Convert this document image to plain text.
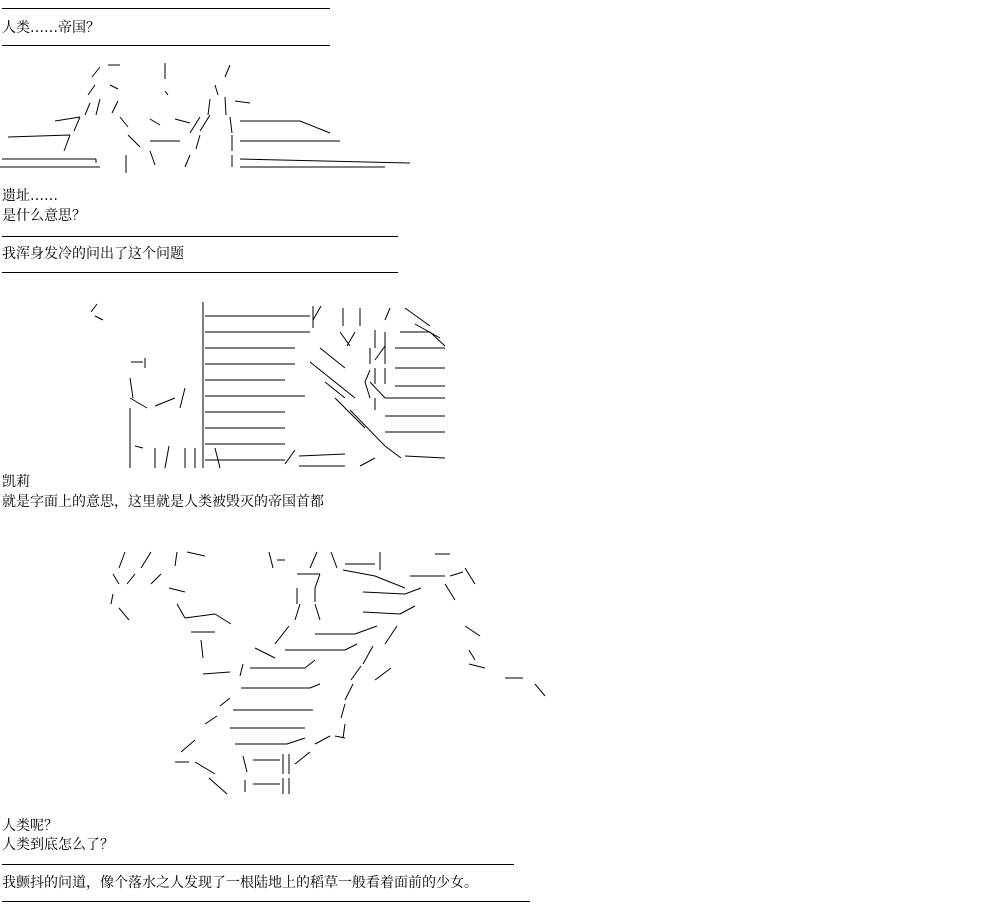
人类……帝国？
遗址……
是什么意思？
我浑身发冷的问出了这个问题
凯莉
就是字面上的意思，这里就是人类被毁灭的帝国首都
人类呢？
人类到底怎么了？
我颤抖的问道，像个落水之人发现了一根陆地上的稻草一般看着面前的少女。
